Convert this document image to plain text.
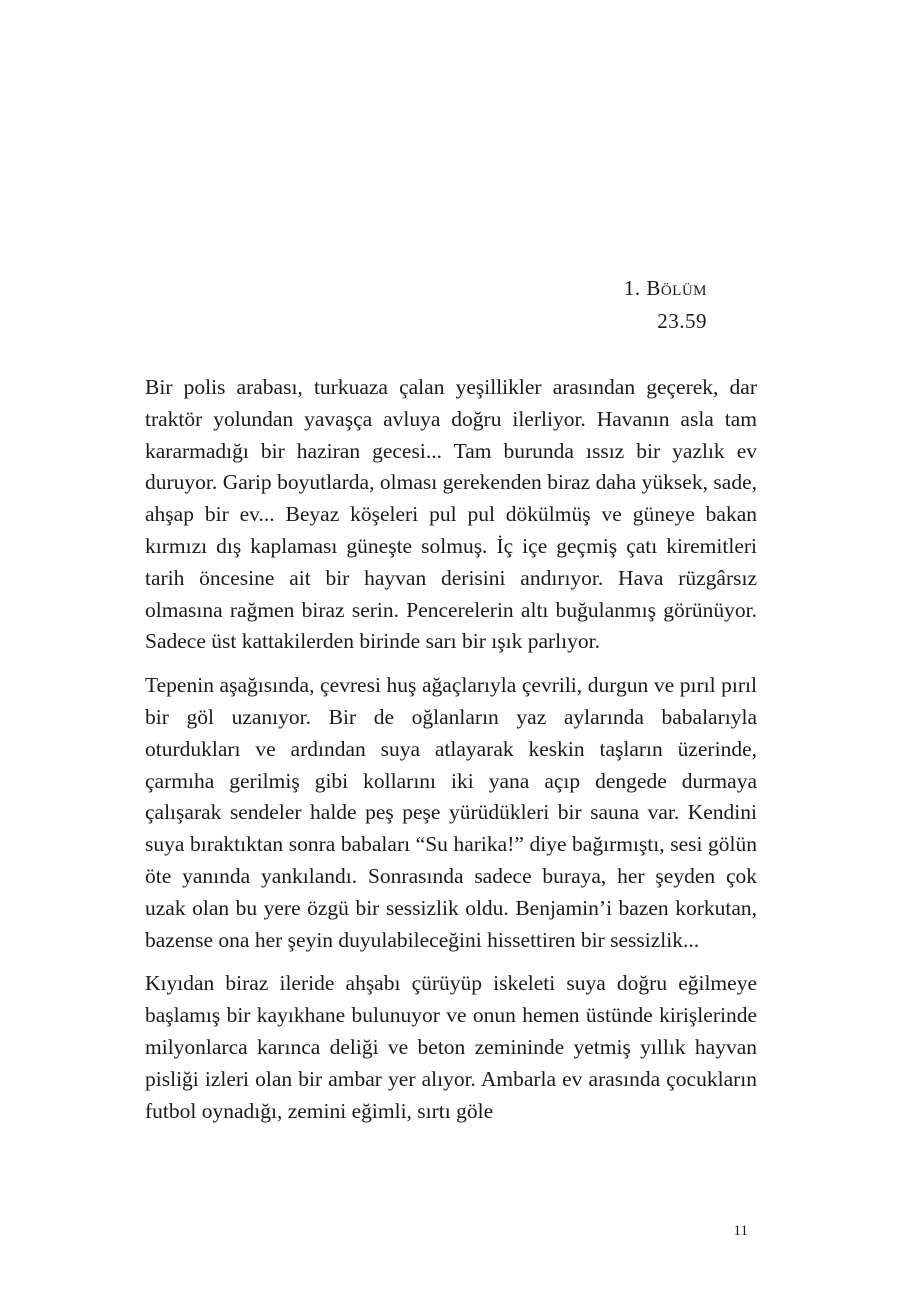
1. Bölüm
23.59

Bir polis arabası, turkuaza çalan yeşillikler arasından geçerek, dar traktör yolundan yavaşça avluya doğru ilerliyor. Havanın asla tam kararmadığı bir haziran gecesi... Tam burunda ıssız bir yazlık ev duruyor. Garip boyutlarda, olması gerekenden biraz daha yüksek, sade, ahşap bir ev... Beyaz köşeleri pul pul dökülmüş ve güneye bakan kırmızı dış kaplaması güneşte solmuş. İç içe geçmiş çatı kiremitleri tarih öncesine ait bir hayvan derisini andırıyor. Hava rüzgârsız olmasına rağmen biraz serin. Pencerelerin altı buğulanmış görünüyor. Sadece üst kattakilerden birinde sarı bir ışık parlıyor.

Tepenin aşağısında, çevresi huş ağaçlarıyla çevrili, durgun ve pırıl pırıl bir göl uzanıyor. Bir de oğlanların yaz aylarında babalarıyla oturdukları ve ardından suya atlayarak keskin taşların üzerinde, çarmıha gerilmiş gibi kollarını iki yana açıp dengede durmaya çalışarak sendeler halde peş peşe yürüdükleri bir sauna var. Kendini suya bıraktıktan sonra babaları “Su harika!” diye bağırmıştı, sesi gölün öte yanında yankılandı. Sonrasında sadece buraya, her şeyden çok uzak olan bu yere özgü bir sessizlik oldu. Benjamin’i bazen korkutan, bazense ona her şeyin duyulabileceğini hissettiren bir sessizlik...

Kıyıdan biraz ileride ahşabı çürüyüp iskeleti suya doğru eğilmeye başlamış bir kayıkhane bulunuyor ve onun hemen üstünde kirişlerinde milyonlarca karınca deliği ve beton zemininde yetmiş yıllık hayvan pisliği izleri olan bir ambar yer alıyor. Ambarla ev arasında çocukların futbol oynadığı, zemini eğimli, sırtı göle

11
